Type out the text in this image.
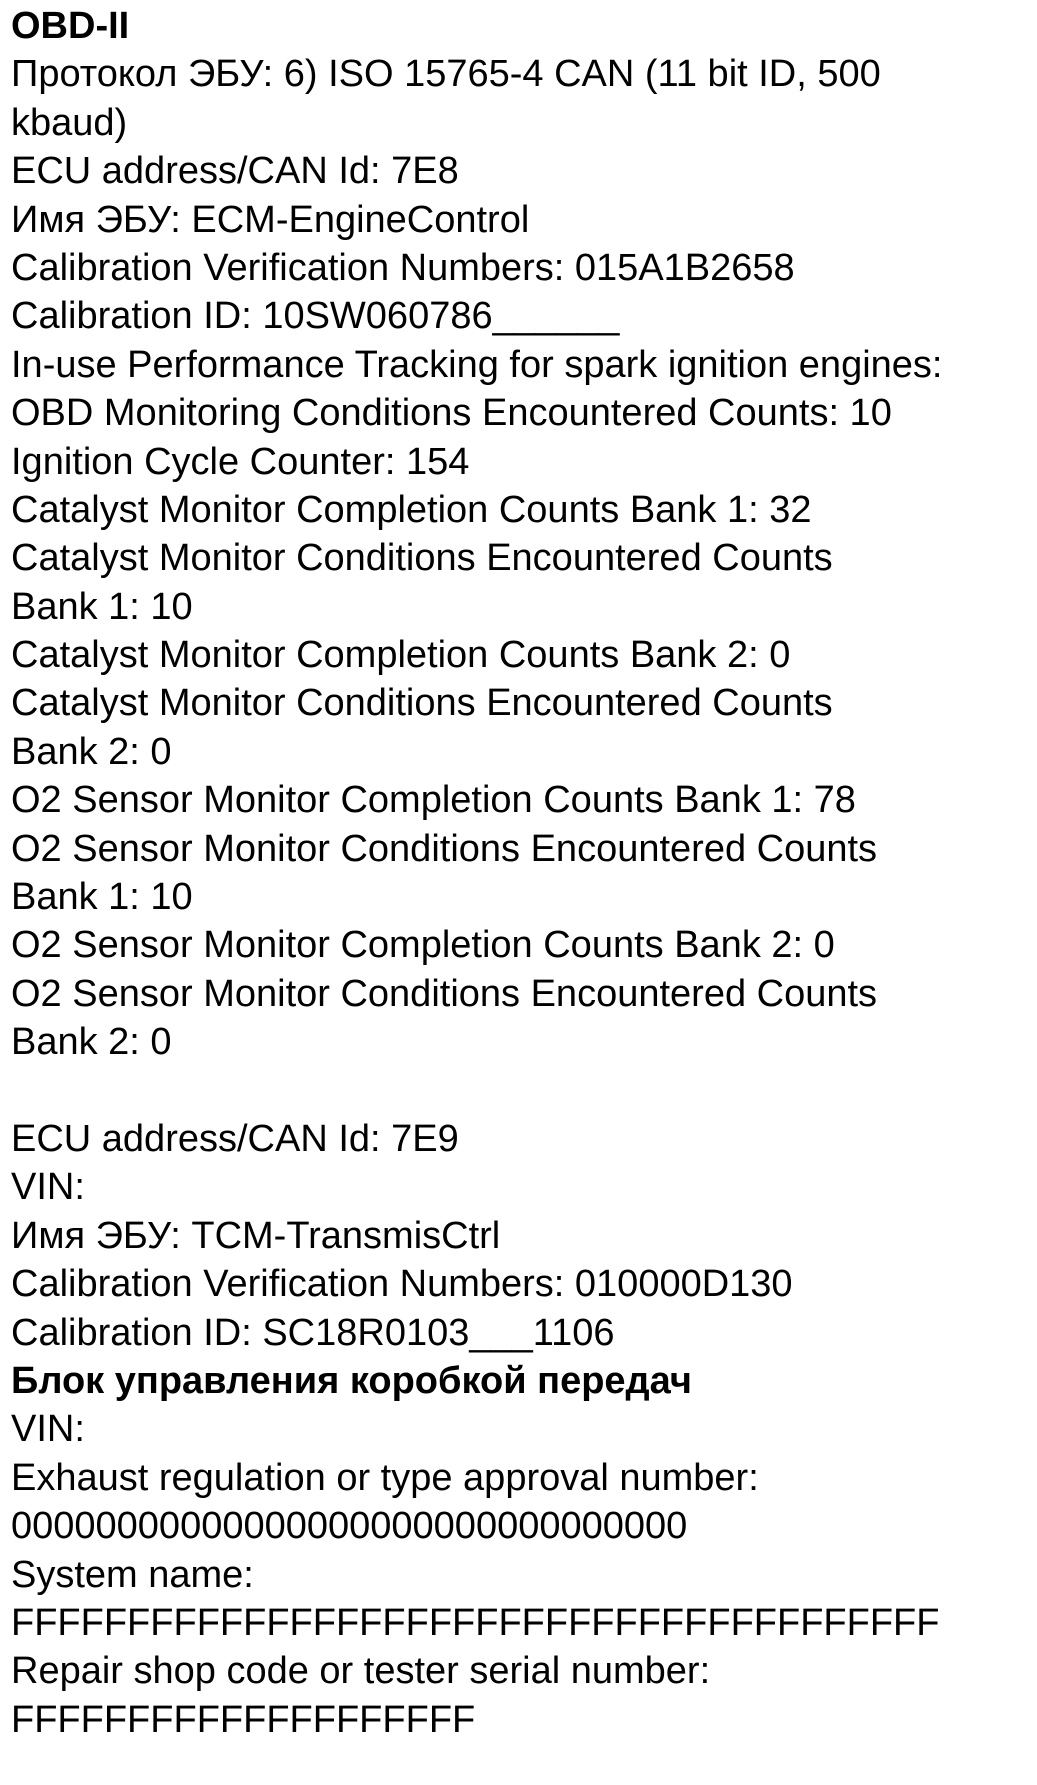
OBD-II
Протокол ЭБУ: 6) ISO 15765-4 CAN (11 bit ID, 500
kbaud)
ECU address/CAN Id: 7E8
Имя ЭБУ: ECM-EngineControl
Calibration Verification Numbers: 015A1B2658
Calibration ID: 10SW060786______
In-use Performance Tracking for spark ignition engines:
OBD Monitoring Conditions Encountered Counts: 10
Ignition Cycle Counter: 154
Catalyst Monitor Completion Counts Bank 1: 32
Catalyst Monitor Conditions Encountered Counts
Bank 1: 10
Catalyst Monitor Completion Counts Bank 2: 0
Catalyst Monitor Conditions Encountered Counts
Bank 2: 0
O2 Sensor Monitor Completion Counts Bank 1: 78
O2 Sensor Monitor Conditions Encountered Counts
Bank 1: 10
O2 Sensor Monitor Completion Counts Bank 2: 0
O2 Sensor Monitor Conditions Encountered Counts
Bank 2: 0
ECU address/CAN Id: 7E9
VIN:
Имя ЭБУ: TCM-TransmisCtrl
Calibration Verification Numbers: 010000D130
Calibration ID: SC18R0103___1106
Блок управления коробкой передач
VIN:
Exhaust regulation or type approval number:
00000000000000000000000000000000
System name:
FFFFFFFFFFFFFFFFFFFFFFFFFFFFFFFFFFFFFFFF
Repair shop code or tester serial number:
FFFFFFFFFFFFFFFFFFFF
